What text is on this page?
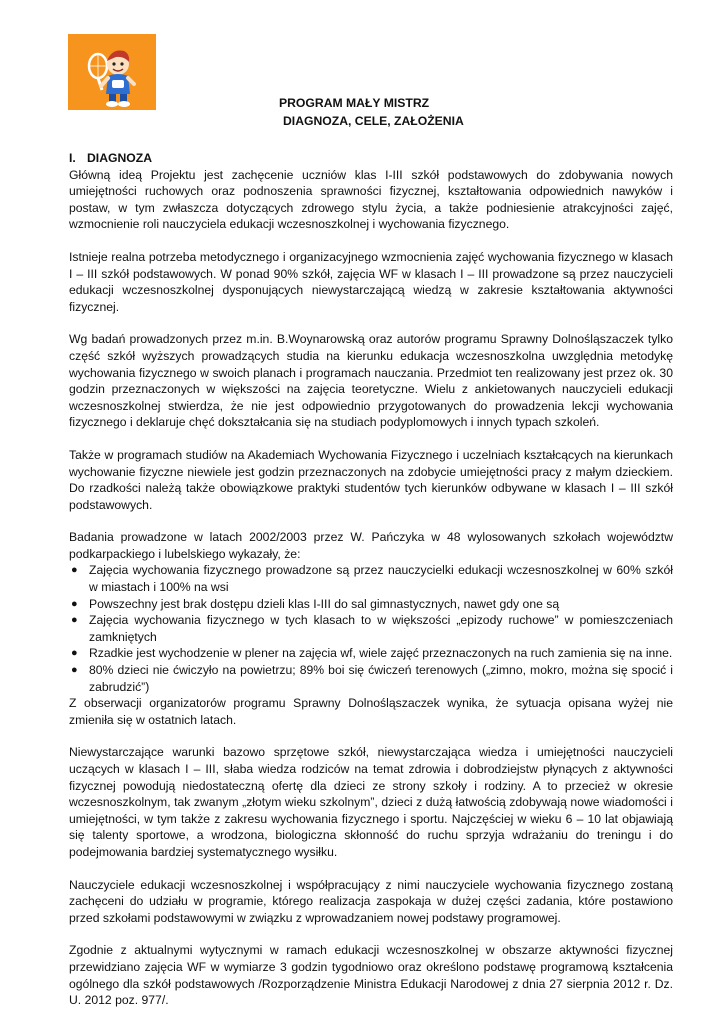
PROGRAM MAŁY MISTRZ
DIAGNOZA, CELE, ZAŁOŻENIA
I. DIAGNOZA

Główną ideą Projektu jest zachęcenie uczniów klas I-III szkół podstawowych do zdobywania nowych umiejętności ruchowych oraz podnoszenia sprawności fizycznej, kształtowania odpowiednich nawyków i postaw, w tym zwłaszcza dotyczących zdrowego stylu życia, a także podniesienie atrakcyjności zajęć, wzmocnienie roli nauczyciela edukacji wczesnoszkolnej i wychowania fizycznego.

Istnieje realna potrzeba metodycznego i organizacyjnego wzmocnienia zajęć wychowania fizycznego w klasach I – III szkół podstawowych. W ponad 90% szkół, zajęcia WF w klasach I – III prowadzone są przez nauczycieli edukacji wczesnoszkolnej dysponujących niewystarczającą wiedzą w zakresie kształtowania aktywności fizycznej.

Wg badań prowadzonych przez m.in. B.Woynarowską oraz autorów programu Sprawny Dolnośląszaczek tylko część szkół wyższych prowadzących studia na kierunku edukacja wczesnoszkolna uwzględnia metodykę wychowania fizycznego w swoich planach i programach nauczania. Przedmiot ten realizowany jest przez ok. 30 godzin przeznaczonych w większości na zajęcia teoretyczne. Wielu z ankietowanych nauczycieli edukacji wczesnoszkolnej stwierdza, że nie jest odpowiednio przygotowanych do prowadzenia lekcji wychowania fizycznego i deklaruje chęć dokształcania się na studiach podyplomowych i innych typach szkoleń.

Także w programach studiów na Akademiach Wychowania Fizycznego i uczelniach kształcących na kierunkach wychowanie fizyczne niewiele jest godzin przeznaczonych na zdobycie umiejętności pracy z małym dzieckiem. Do rzadkości należą także obowiązkowe praktyki studentów tych kierunków odbywane w klasach I – III szkół podstawowych.

Badania prowadzone w latach 2002/2003 przez W. Pańczyka w 48 wylosowanych szkołach województw podkarpackiego i lubelskiego wykazały, że:

● Zajęcia wychowania fizycznego prowadzone są przez nauczycielki edukacji wczesnoszkolnej w 60% szkół w miastach i 100% na wsi
● Powszechny jest brak dostępu dzieli klas I-III do sal gimnastycznych, nawet gdy one są
● Zajęcia wychowania fizycznego w tych klasach to w większości „epizody ruchowe” w pomieszczeniach zamkniętych
● Rzadkie jest wychodzenie w plener na zajęcia wf, wiele zajęć przeznaczonych na ruch zamienia się na inne.
● 80% dzieci nie ćwiczyło na powietrzu; 89% boi się ćwiczeń terenowych („zimno, mokro, można się spocić i zabrudzić”)

Z obserwacji organizatorów programu Sprawny Dolnośląszaczek wynika, że sytuacja opisana wyżej nie zmieniła się w ostatnich latach.

Niewystarczające warunki bazowo sprzętowe szkół, niewystarczająca wiedza i umiejętności nauczycieli uczących w klasach I – III, słaba wiedza rodziców na temat zdrowia i dobrodziejstw płynących z aktywności fizycznej powodują niedostateczną ofertę dla dzieci ze strony szkoły i rodziny. A to przecież w okresie wczesnoszkolnym, tak zwanym „złotym wieku szkolnym”, dzieci z dużą łatwością zdobywają nowe wiadomości i umiejętności, w tym także z zakresu wychowania fizycznego i sportu. Najczęściej w wieku 6 – 10 lat objawiają się talenty sportowe, a wrodzona, biologiczna skłonność do ruchu sprzyja wdrażaniu do treningu i do podejmowania bardziej systematycznego wysiłku.

Nauczyciele edukacji wczesnoszkolnej i współpracujący z nimi nauczyciele wychowania fizycznego zostaną zachęceni do udziału w programie, którego realizacja zaspokaja w dużej części zadania, które postawiono przed szkołami podstawowymi w związku z wprowadzaniem nowej podstawy programowej.

Zgodnie z aktualnymi wytycznymi w ramach edukacji wczesnoszkolnej w obszarze aktywności fizycznej przewidziano zajęcia WF w wymiarze 3 godzin tygodniowo oraz określono podstawę programową kształcenia ogólnego dla szkół podstawowych /Rozporządzenie Ministra Edukacji Narodowej z dnia 27 sierpnia 2012 r. Dz. U. 2012 poz. 977/.
